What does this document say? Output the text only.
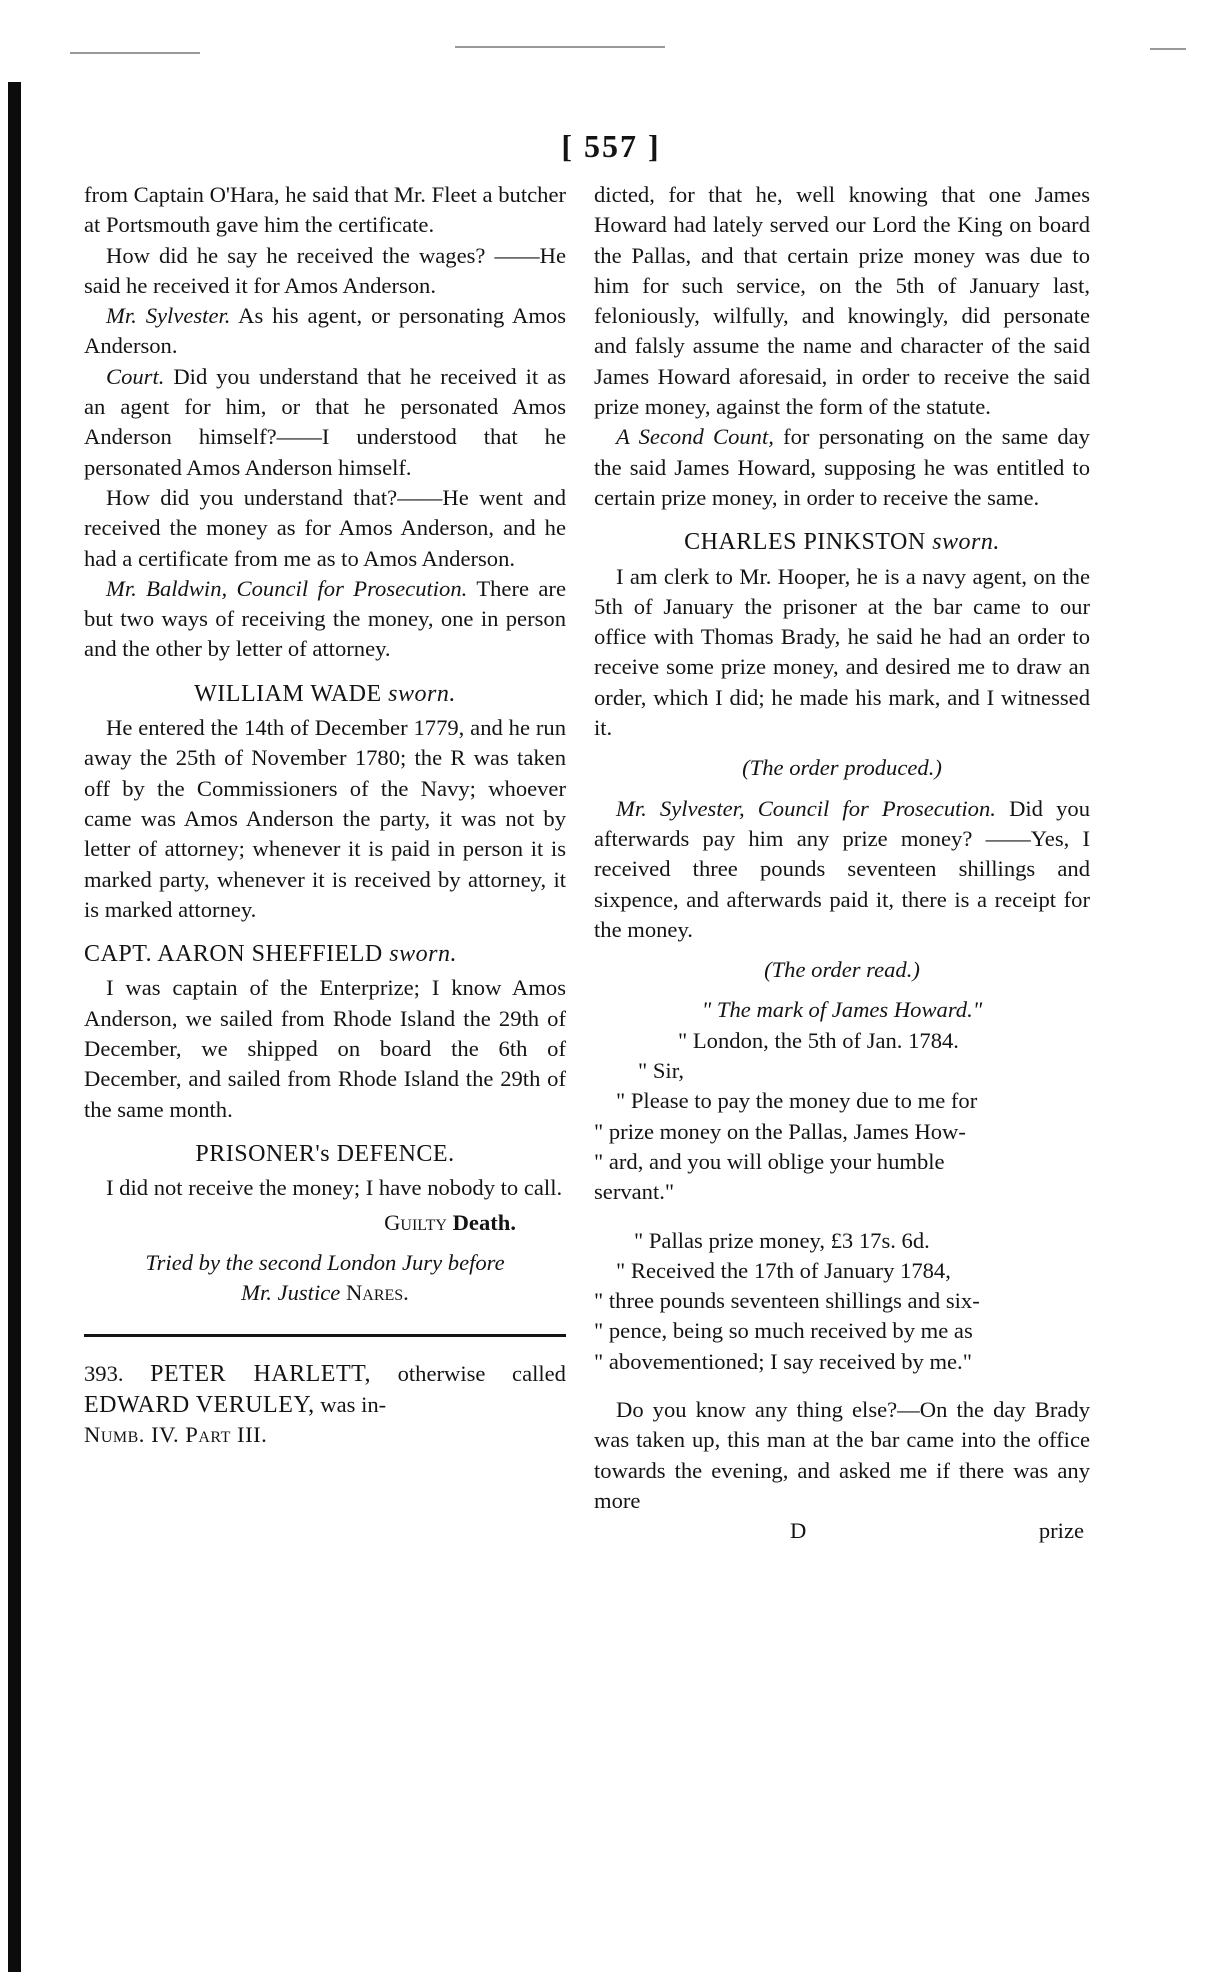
[ 557 ]

from Captain O'Hara, he said that Mr. Fleet a butcher at Portsmouth gave him the certificate.

How did he say he received the wages? ——He said he received it for Amos Anderson.

Mr. Sylvester. As his agent, or personating Amos Anderson.

Court. Did you understand that he received it as an agent for him, or that he personated Amos Anderson himself?——I understood that he personated Amos Anderson himself.

How did you understand that?——He went and received the money as for Amos Anderson, and he had a certificate from me as to Amos Anderson.

Mr. Baldwin, Council for Prosecution. There are but two ways of receiving the money, one in person and the other by letter of attorney.

WILLIAM WADE sworn.

He entered the 14th of December 1779, and he run away the 25th of November 1780; the R was taken off by the Commissioners of the Navy; whoever came was Amos Anderson the party, it was not by letter of attorney; whenever it is paid in person it is marked party, whenever it is received by attorney, it is marked attorney.

CAPT. AARON SHEFFIELD sworn.

I was captain of the Enterprize; I know Amos Anderson, we sailed from Rhode Island the 29th of December, we shipped on board the 6th of December, and sailed from Rhode Island the 29th of the same month.

PRISONER's DEFENCE.

I did not receive the money; I have nobody to call.

Guilty Death.

Tried by the second London Jury before

Mr. Justice Nares.

393. PETER HARLETT, otherwise called EDWARD VERULEY, was in-

Numb. IV. Part III.

dicted, for that he, well knowing that one James Howard had lately served our Lord the King on board the Pallas, and that certain prize money was due to him for such service, on the 5th of January last, feloniously, wilfully, and knowingly, did personate and falsly assume the name and character of the said James Howard aforesaid, in order to receive the said prize money, against the form of the statute.

A Second Count, for personating on the same day the said James Howard, supposing he was entitled to certain prize money, in order to receive the same.

CHARLES PINKSTON sworn.

I am clerk to Mr. Hooper, he is a navy agent, on the 5th of January the prisoner at the bar came to our office with Thomas Brady, he said he had an order to receive some prize money, and desired me to draw an order, which I did; he made his mark, and I witnessed it.

(The order produced.)

Mr. Sylvester, Council for Prosecution. Did you afterwards pay him any prize money? ——Yes, I received three pounds seventeen shillings and sixpence, and afterwards paid it, there is a receipt for the money.

(The order read.)

" The mark of James Howard."

" London, the 5th of Jan. 1784.

" Sir,

" Please to pay the money due to me for

" prize money on the Pallas, James How-

" ard, and you will oblige your humble

servant."

" Pallas prize money, £3 17s. 6d.

" Received the 17th of January 1784,

" three pounds seventeen shillings and six-

" pence, being so much received by me as

" abovementioned; I say received by me."

Do you know any thing else?—On the day Brady was taken up, this man at the bar came into the office towards the evening, and asked me if there was any more

D	prize
